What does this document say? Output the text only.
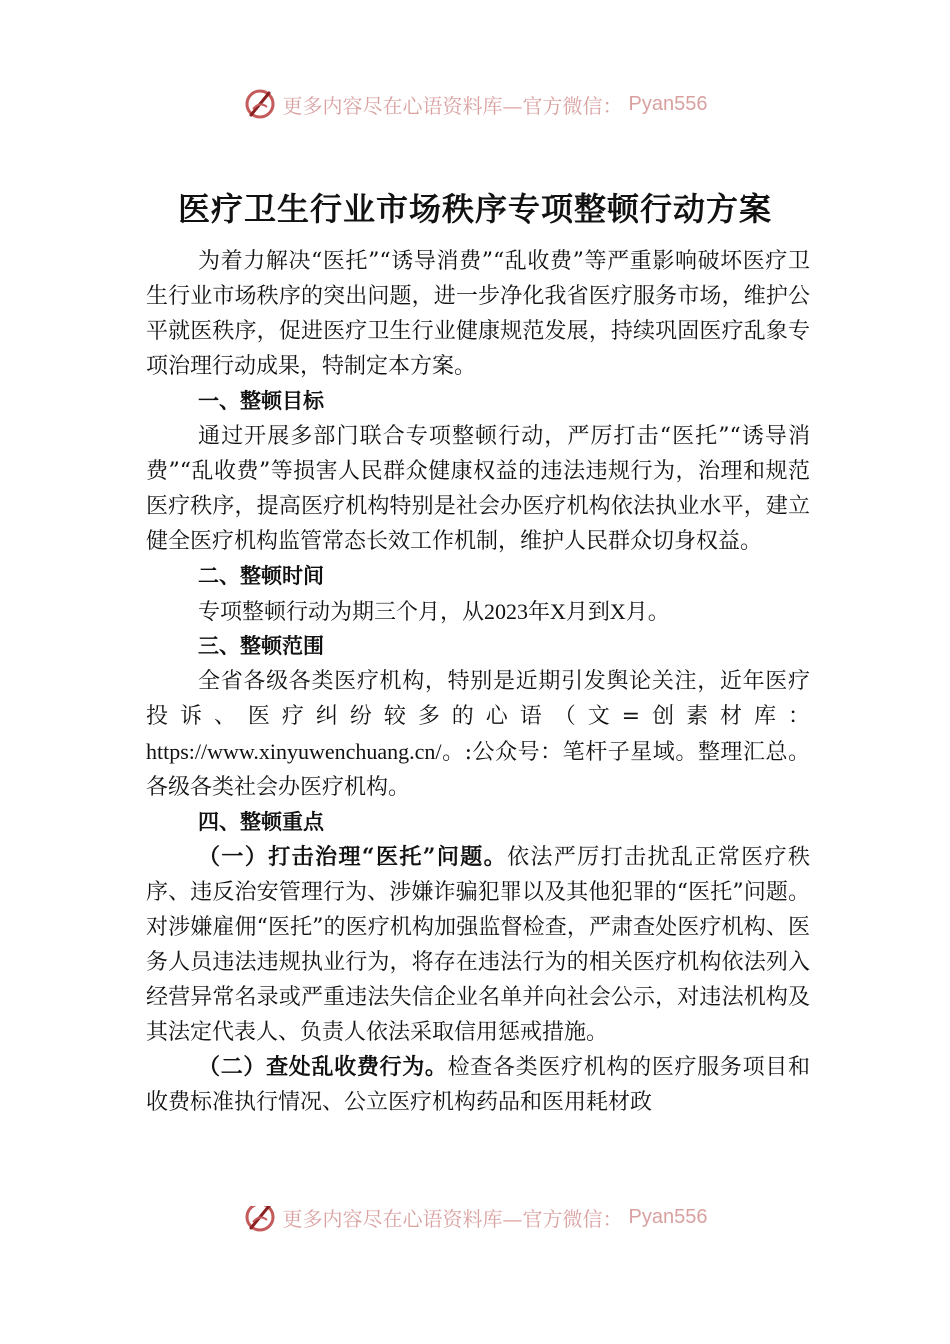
更多内容尽在心语资料库—官方微信： Pyan556
医疗卫生行业市场秩序专项整顿行动方案

为着力解决“医托”“诱导消费”“乱收费”等严重影响破坏医疗卫生行业市场秩序的突出问题，进一步净化我省医疗服务市场，维护公平就医秩序，促进医疗卫生行业健康规范发展，持续巩固医疗乱象专项治理行动成果，特制定本方案。

一、整顿目标

通过开展多部门联合专项整顿行动，严厉打击“医托”“诱导消费”“乱收费”等损害人民群众健康权益的违法违规行为，治理和规范医疗秩序，提高医疗机构特别是社会办医疗机构依法执业水平，建立健全医疗机构监管常态长效工作机制，维护人民群众切身权益。

二、整顿时间

专项整顿行动为期三个月，从2023年X月到X月。

三、整顿范围

全省各级各类医疗机构，特别是近期引发舆论关注，近年医疗投诉、医疗纠纷较多的心语（文=创素材库：https://www.xinyuwenchuang.cn/。:公众号：笔杆子星域。整理汇总。各级各类社会办医疗机构。

四、整顿重点

（一）打击治理“医托”问题。依法严厉打击扰乱正常医疗秩序、违反治安管理行为、涉嫌诈骗犯罪以及其他犯罪的“医托”问题。对涉嫌雇佣“医托”的医疗机构加强监督检查，严肃查处医疗机构、医务人员违法违规执业行为，将存在违法行为的相关医疗机构依法列入经营异常名录或严重违法失信企业名单并向社会公示，对违法机构及其法定代表人、负责人依法采取信用惩戒措施。

（二）查处乱收费行为。检查各类医疗机构的医疗服务项目和收费标准执行情况、公立医疗机构药品和医用耗材政

更多内容尽在心语资料库—官方微信： Pyan556
